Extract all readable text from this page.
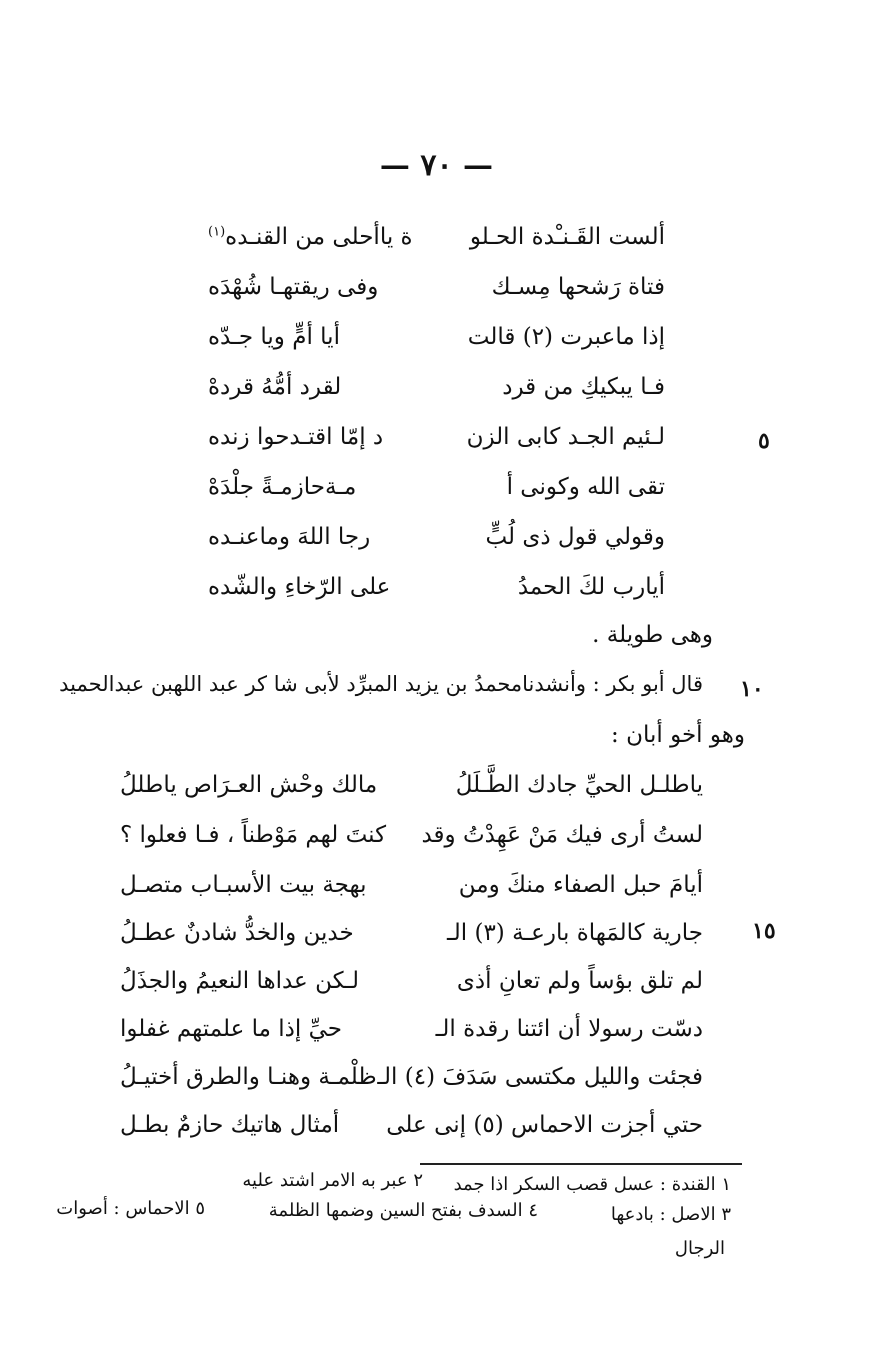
— ٧٠ —
ألست القَـنـْدة الحـلو
ة ياأحلى من القنـده$^{(١)}$
فتاة رَشحها مِسـك
وفى ريقتهـا شُهْدَه
إذا ماعبرت (٢) قالت
أيا أمٍّ ويا جـدّه
فـا يبكيكِ من قرد
لقرد أمُّهُ قردهْ
لـئيم الجـد كابى الزن
د إمّا اقتـدحوا زنده	٥
تقى الله وكونى أ
مـةحازمـةً جلْدَهْ
وقولي قول ذى لُبٍّ
رجا اللهَ وماعنـده
أيارب لكَ الحمدُ
على الرّخاءِ والشّده
وهى طويلة .
١٠
قال أبو بكر : وأنشدنامحمدُ بن يزيد المبرِّد لأبى شا كر عبد اللهبن عبدالحميد
وهو أخو أبان :
ياطلـل الحيِّ جادك الطَّـلَلُ
مالك وحْش العـرَاص ياطللُ
لستُ أرى فيك مَنْ عَهِدْتُ وقد
كنتَ لهم مَوْطناً ، فـا فعلوا ؟
أيامَ حبل الصفاء منكَ ومن
بهجة بيت الأسبـاب متصـل
جارية كالمَهاة بارعـة (٣) الـ
خدين والخدُّ شادنٌ عطـلُ	١٥
لم تلق بؤساً ولم تعانِ أذى
لـكن عداها النعيمُ والجذَلُ
دسّت رسولا أن ائتنا رقدة الـ
حيِّ إذا ما علمتهم غفلوا
فجئت والليل مكتسى سَدَفَ (٤) الـ
ظلْمـة وهنـا والطرق أختيـلُ
حتي أجزت الاحماس (٥) إنى على
أمثال هاتيك حازمٌ بطـل
١ القندة : عسل قصب السكر اذا جمد
٢ عبر به الامر اشتد عليه
٣ الاصل : بادعها
٤ السدف بفتح السين وضمها الظلمة
٥ الاحماس : أصوات
الرجال
